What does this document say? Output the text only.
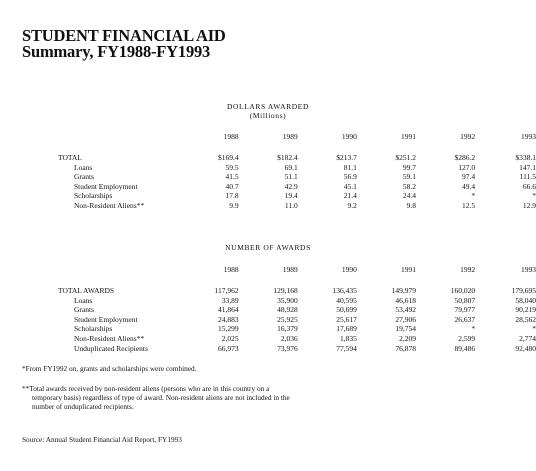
STUDENT FINANCIAL AID
Summary, FY1988-FY1993
DOLLARS AWARDED
(Millions)
	1988	1989	1990	1991	1992	1993

TOTAL	$169.4	$182.4	$213.7	$251.2	$286.2	$338.1
Loans	59.5	69.1	81.1	99.7	127.0	147.1
Grants	41.5	51.1	56.9	59.1	97.4	111.5
Student Employment	40.7	42.9	45.1	58.2	49.4	66.6
Scholarships	17.8	19.4	21.4	24.4	*	*
Non-Resident Aliens**	9.9	11.0	9.2	9.8	12.5	12.9
NUMBER OF AWARDS
	1988	1989	1990	1991	1992	1993

TOTAL AWARDS	117,962	129,168	136,435	149,979	160,020	179,695
Loans	33,89	35,900	40,595	46,618	50,807	58,040
Grants	41,864	48,928	50,699	53,492	79,977	90,219
Student Employment	24,883	25,925	25,617	27,906	26,637	28,562
Scholarships	15,299	16,379	17,689	19,754	*	*
Non-Resident Aliens**	2,025	2,036	1,835	2,209	2,599	2,774
Unduplicated Recipients	66,973	73,976	77,594	76,878	89,486	92,480
*From FY1992 on, grants and scholarships were combined.
**Total awards received by non-resident aliens (persons who are in this country on a
temporary basis) regardless of type of award. Non-resident aliens are not included in the
number of unduplicated recipients.
Source: Annual Student Financial Aid Report, FY1993
